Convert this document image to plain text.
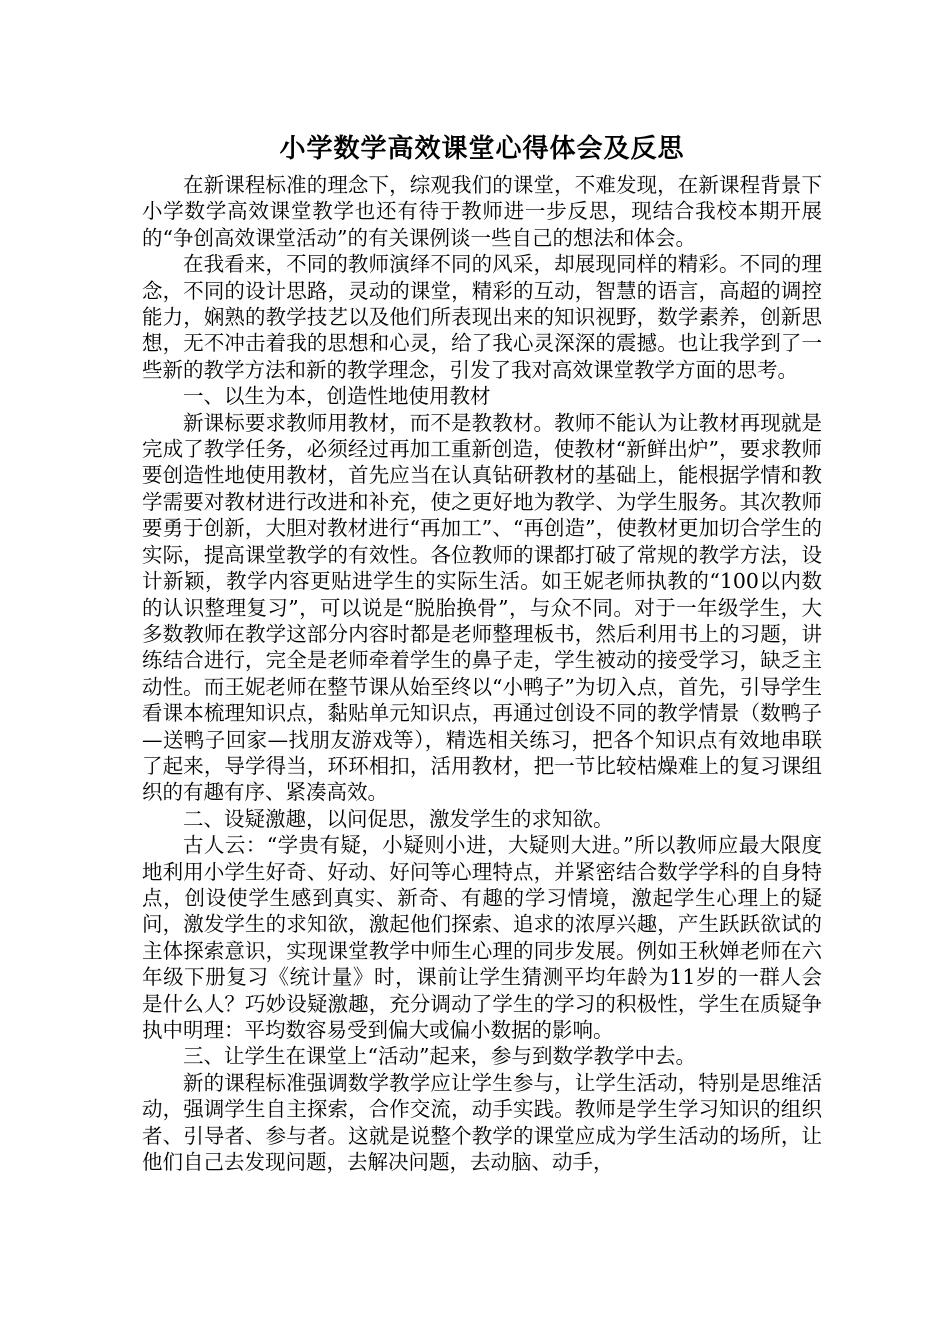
小学数学高效课堂心得体会及反思

在新课程标准的理念下，综观我们的课堂，不难发现，在新课程背景下小学数学高效课堂教学也还有待于教师进一步反思，现结合我校本期开展的“争创高效课堂活动”的有关课例谈一些自己的想法和体会。

在我看来，不同的教师演绎不同的风采，却展现同样的精彩。不同的理念，不同的设计思路，灵动的课堂，精彩的互动，智慧的语言，高超的调控能力，娴熟的教学技艺以及他们所表现出来的知识视野，数学素养，创新思想，无不冲击着我的思想和心灵，给了我心灵深深的震撼。也让我学到了一些新的教学方法和新的教学理念，引发了我对高效课堂教学方面的思考。

一、以生为本，创造性地使用教材

新课标要求教师用教材，而不是教教材。教师不能认为让教材再现就是完成了教学任务，必须经过再加工重新创造，使教材“新鲜出炉”，要求教师要创造性地使用教材，首先应当在认真钻研教材的基础上，能根据学情和教学需要对教材进行改进和补充，使之更好地为教学、为学生服务。其次教师要勇于创新，大胆对教材进行“再加工”、“再创造”，使教材更加切合学生的实际，提高课堂教学的有效性。各位教师的课都打破了常规的教学方法，设计新颖，教学内容更贴进学生的实际生活。如王妮老师执教的“100以内数的认识整理复习”，可以说是“脱胎换骨”，与众不同。对于一年级学生，大多数教师在教学这部分内容时都是老师整理板书，然后利用书上的习题，讲练结合进行，完全是老师牵着学生的鼻子走，学生被动的接受学习，缺乏主动性。而王妮老师在整节课从始至终以“小鸭子”为切入点，首先，引导学生看课本梳理知识点，黏贴单元知识点，再通过创设不同的教学情景（数鸭子—送鸭子回家—找朋友游戏等），精选相关练习，把各个知识点有效地串联了起来，导学得当，环环相扣，活用教材，把一节比较枯燥难上的复习课组织的有趣有序、紧凑高效。

二、设疑激趣，以问促思，激发学生的求知欲。

古人云：“学贵有疑，小疑则小进，大疑则大进。”所以教师应最大限度地利用小学生好奇、好动、好问等心理特点，并紧密结合数学学科的自身特点，创设使学生感到真实、新奇、有趣的学习情境，激起学生心理上的疑问，激发学生的求知欲，激起他们探索、追求的浓厚兴趣，产生跃跃欲试的主体探索意识，实现课堂教学中师生心理的同步发展。例如王秋婵老师在六年级下册复习《统计量》时，课前让学生猜测平均年龄为11岁的一群人会是什么人？巧妙设疑激趣，充分调动了学生的学习的积极性，学生在质疑争执中明理：平均数容易受到偏大或偏小数据的影响。

三、让学生在课堂上“活动”起来，参与到数学教学中去。

新的课程标准强调数学教学应让学生参与，让学生活动，特别是思维活动，强调学生自主探索，合作交流，动手实践。教师是学生学习知识的组织者、引导者、参与者。这就是说整个教学的课堂应成为学生活动的场所，让他们自己去发现问题，去解决问题，去动脑、动手，
